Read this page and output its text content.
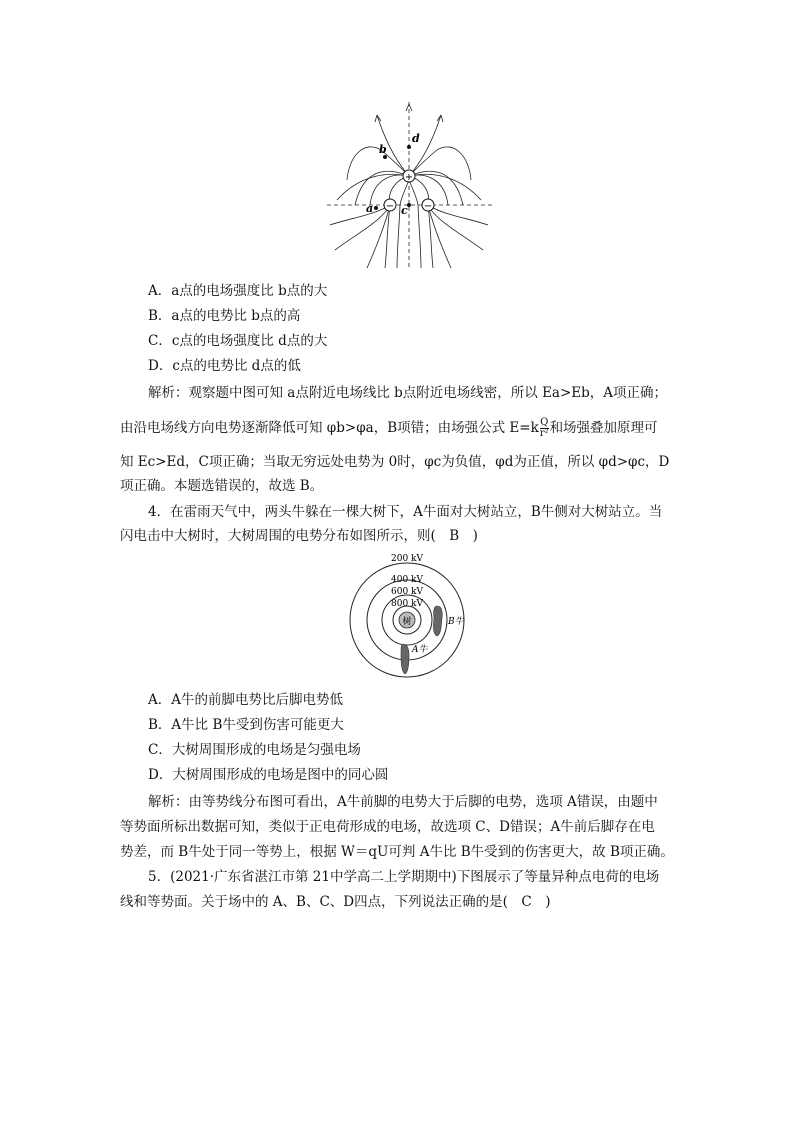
+
−	−
b
d
a	c
A．a点的电场强度比 b点的大
B．a点的电势比 b点的高
C．c点的电场强度比 d点的大
D．c点的电势比 d点的低
解析：观察题中图可知 a点附近电场线比 b点附近电场线密，所以 Ea>Eb，A项正确；
由沿电场线方向电势逐渐降低可知 φb>φa，B项错；由场强公式 $E=k \frac{Q}{\text{r²}}$ 和场强叠加原理可
知 Ec>Ed，C项正确；当取无穷远处电势为 0时，φc为负值，φd为正值，所以 φd>φc，D
项正确。本题选错误的，故选 B。
4．在雷雨天气中，两头牛躲在一棵大树下，A牛面对大树站立，B牛侧对大树站立。当
闪电击中大树时，大树周围的电势分布如图所示，则(　B　)
树
200 kV
400 kV
600 kV
800 kV
B牛
A牛
A．A牛的前脚电势比后脚电势低
B．A牛比 B牛受到伤害可能更大
C．大树周围形成的电场是匀强电场
D．大树周围形成的电场是图中的同心圆
解析：由等势线分布图可看出，A牛前脚的电势大于后脚的电势，选项 A错误，由题中
等势面所标出数据可知，类似于正电荷形成的电场，故选项 C、D错误；A牛前后脚存在电
势差，而 B牛处于同一等势上，根据 W＝qU可判 A牛比 B牛受到的伤害更大，故 B项正确。
5．(2021·广东省湛江市第 21中学高二上学期期中)下图展示了等量异种点电荷的电场
线和等势面。关于场中的 A、B、C、D四点，下列说法正确的是(　C　)
